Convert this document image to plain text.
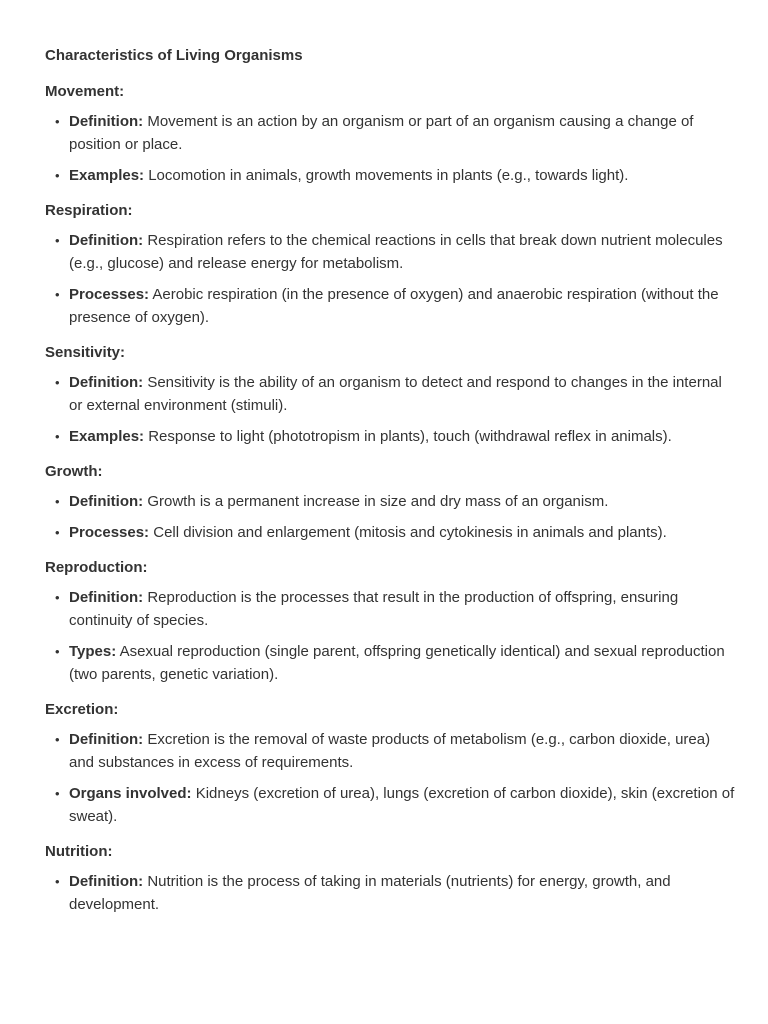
Characteristics of Living Organisms
Movement:
• Definition: Movement is an action by an organism or part of an organism causing a change of position or place.
• Examples: Locomotion in animals, growth movements in plants (e.g., towards light).
Respiration:
• Definition: Respiration refers to the chemical reactions in cells that break down nutrient molecules (e.g., glucose) and release energy for metabolism.
• Processes: Aerobic respiration (in the presence of oxygen) and anaerobic respiration (without the presence of oxygen).
Sensitivity:
• Definition: Sensitivity is the ability of an organism to detect and respond to changes in the internal or external environment (stimuli).
• Examples: Response to light (phototropism in plants), touch (withdrawal reflex in animals).
Growth:
• Definition: Growth is a permanent increase in size and dry mass of an organism.
• Processes: Cell division and enlargement (mitosis and cytokinesis in animals and plants).
Reproduction:
• Definition: Reproduction is the processes that result in the production of offspring, ensuring continuity of species.
• Types: Asexual reproduction (single parent, offspring genetically identical) and sexual reproduction (two parents, genetic variation).
Excretion:
• Definition: Excretion is the removal of waste products of metabolism (e.g., carbon dioxide, urea) and substances in excess of requirements.
• Organs involved: Kidneys (excretion of urea), lungs (excretion of carbon dioxide), skin (excretion of sweat).
Nutrition:
• Definition: Nutrition is the process of taking in materials (nutrients) for energy, growth, and development.
